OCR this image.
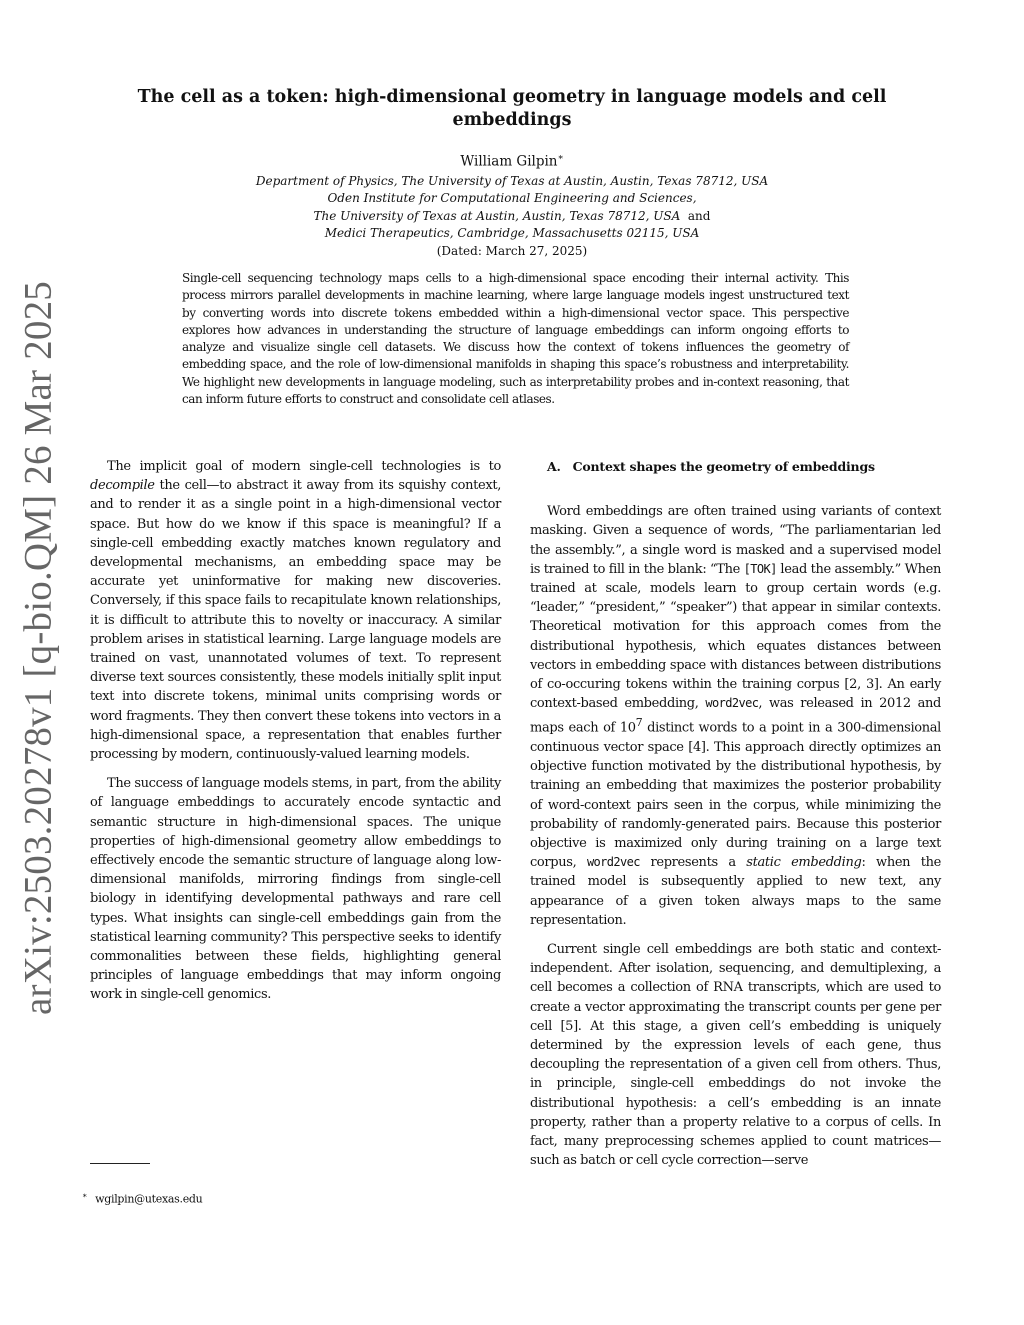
arXiv:2503.20278v1 [q-bio.QM] 26 Mar 2025
The cell as a token: high-dimensional geometry in language models and cell embeddings
William Gilpin∗
Department of Physics, The University of Texas at Austin, Austin, Texas 78712, USA
Oden Institute for Computational Engineering and Sciences,
The University of Texas at Austin, Austin, Texas 78712, USA and
Medici Therapeutics, Cambridge, Massachusetts 02115, USA
(Dated: March 27, 2025)
Single-cell sequencing technology maps cells to a high-dimensional space encoding their internal activity. This process mirrors parallel developments in machine learning, where large language models ingest unstructured text by converting words into discrete tokens embedded within a high-dimensional vector space. This perspective explores how advances in understanding the structure of language embeddings can inform ongoing efforts to analyze and visualize single cell datasets. We discuss how the context of tokens influences the geometry of embedding space, and the role of low-dimensional manifolds in shaping this space’s robustness and interpretability. We highlight new developments in language modeling, such as interpretability probes and in-context reasoning, that can inform future efforts to construct and consolidate cell atlases.

The implicit goal of modern single-cell technologies is to decompile the cell—to abstract it away from its squishy context, and to render it as a single point in a high-dimensional vector space. But how do we know if this space is meaningful? If a single-cell embedding exactly matches known regulatory and developmental mechanisms, an embedding space may be accurate yet uninformative for making new discoveries. Conversely, if this space fails to recapitulate known relationships, it is difficult to attribute this to novelty or inaccuracy. A similar problem arises in statistical learning. Large language models are trained on vast, unannotated volumes of text. To represent diverse text sources consistently, these models initially split input text into discrete tokens, minimal units comprising words or word fragments. They then convert these tokens into vectors in a high-dimensional space, a representation that enables further processing by modern, continuously-valued learning models.

The success of language models stems, in part, from the ability of language embeddings to accurately encode syntactic and semantic structure in high-dimensional spaces. The unique properties of high-dimensional geometry allow embeddings to effectively encode the semantic structure of language along low-dimensional manifolds, mirroring findings from single-cell biology in identifying developmental pathways and rare cell types. What insights can single-cell embeddings gain from the statistical learning community? This perspective seeks to identify commonalities between these fields, highlighting general principles of language embeddings that may inform ongoing work in single-cell genomics.

A. Context shapes the geometry of embeddings

Word embeddings are often trained using variants of context masking. Given a sequence of words, “The parliamentarian led the assembly.”, a single word is masked and a supervised model is trained to fill in the blank: “The [TOK] lead the assembly.” When trained at scale, models learn to group certain words (e.g. “leader,” “president,” “speaker”) that appear in similar contexts. Theoretical motivation for this approach comes from the distributional hypothesis, which equates distances between vectors in embedding space with distances between distributions of co-occuring tokens within the training corpus [2, 3]. An early context-based embedding, word2vec, was released in 2012 and maps each of $10^7$ distinct words to a point in a 300-dimensional continuous vector space [4]. This approach directly optimizes an objective function motivated by the distributional hypothesis, by training an embedding that maximizes the posterior probability of word-context pairs seen in the corpus, while minimizing the probability of randomly-generated pairs. Because this posterior objective is maximized only during training on a large text corpus, word2vec represents a static embedding: when the trained model is subsequently applied to new text, any appearance of a given token always maps to the same representation.

Current single cell embeddings are both static and context-independent. After isolation, sequencing, and demultiplexing, a cell becomes a collection of RNA transcripts, which are used to create a vector approximating the transcript counts per gene per cell [5]. At this stage, a given cell’s embedding is uniquely determined by the expression levels of each gene, thus decoupling the representation of a given cell from others. Thus, in principle, single-cell embeddings do not invoke the distributional hypothesis: a cell’s embedding is an innate property, rather than a property relative to a corpus of cells. In fact, many preprocessing schemes applied to count matrices—such as batch or cell cycle correction—serve

∗ wgilpin@utexas.edu
